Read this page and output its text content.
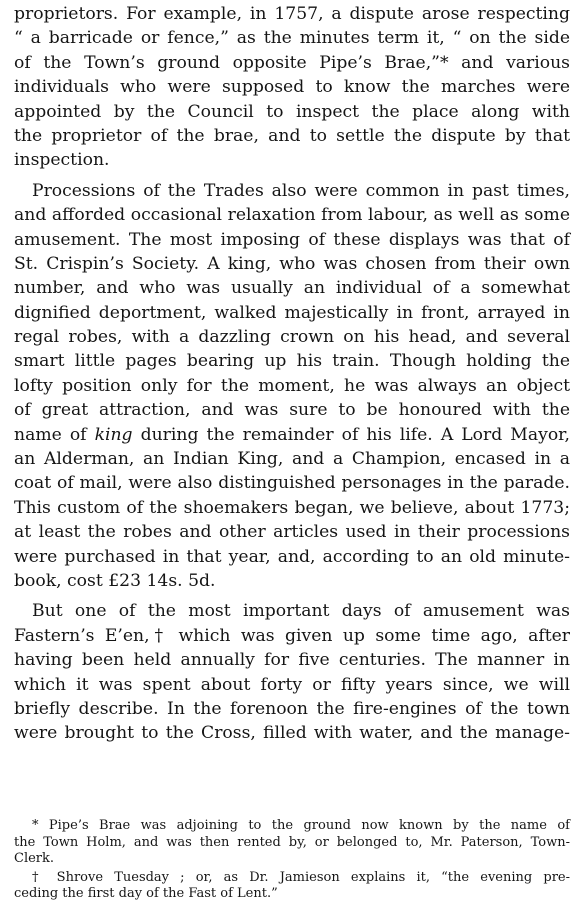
proprietors. For example, in 1757, a dispute arose respecting
“ a barricade or fence,” as the minutes term it, “ on the side
of the Town’s ground opposite Pipe’s Brae,”* and various
individuals who were supposed to know the marches were
appointed by the Council to inspect the place along with
the proprietor of the brae, and to settle the dispute by that
inspection.
Processions of the Trades also were common in past times,
and afforded occasional relaxation from labour, as well as some
amusement. The most imposing of these displays was that of
St. Crispin’s Society. A king, who was chosen from their own
number, and who was usually an individual of a somewhat
dignified deportment, walked majestically in front, arrayed in
regal robes, with a dazzling crown on his head, and several
smart little pages bearing up his train. Though holding the
lofty position only for the moment, he was always an object
of great attraction, and was sure to be honoured with the
name of king during the remainder of his life. A Lord Mayor,
an Alderman, an Indian King, and a Champion, encased in a
coat of mail, were also distinguished personages in the parade.
This custom of the shoemakers began, we believe, about 1773;
at least the robes and other articles used in their processions
were purchased in that year, and, according to an old minute-
book, cost £23 14s. 5d.
But one of the most important days of amusement was
Fastern’s E’en,† which was given up some time ago, after
having been held annually for five centuries. The manner in
which it was spent about forty or fifty years since, we will
briefly describe. In the forenoon the fire-engines of the town
were brought to the Cross, filled with water, and the manage-
* Pipe’s Brae was adjoining to the ground now known by the name of
the Town Holm, and was then rented by, or belonged to, Mr. Paterson, Town-
Clerk.
† Shrove Tuesday ; or, as Dr. Jamieson explains it, “the evening pre-
ceding the first day of the Fast of Lent.”
